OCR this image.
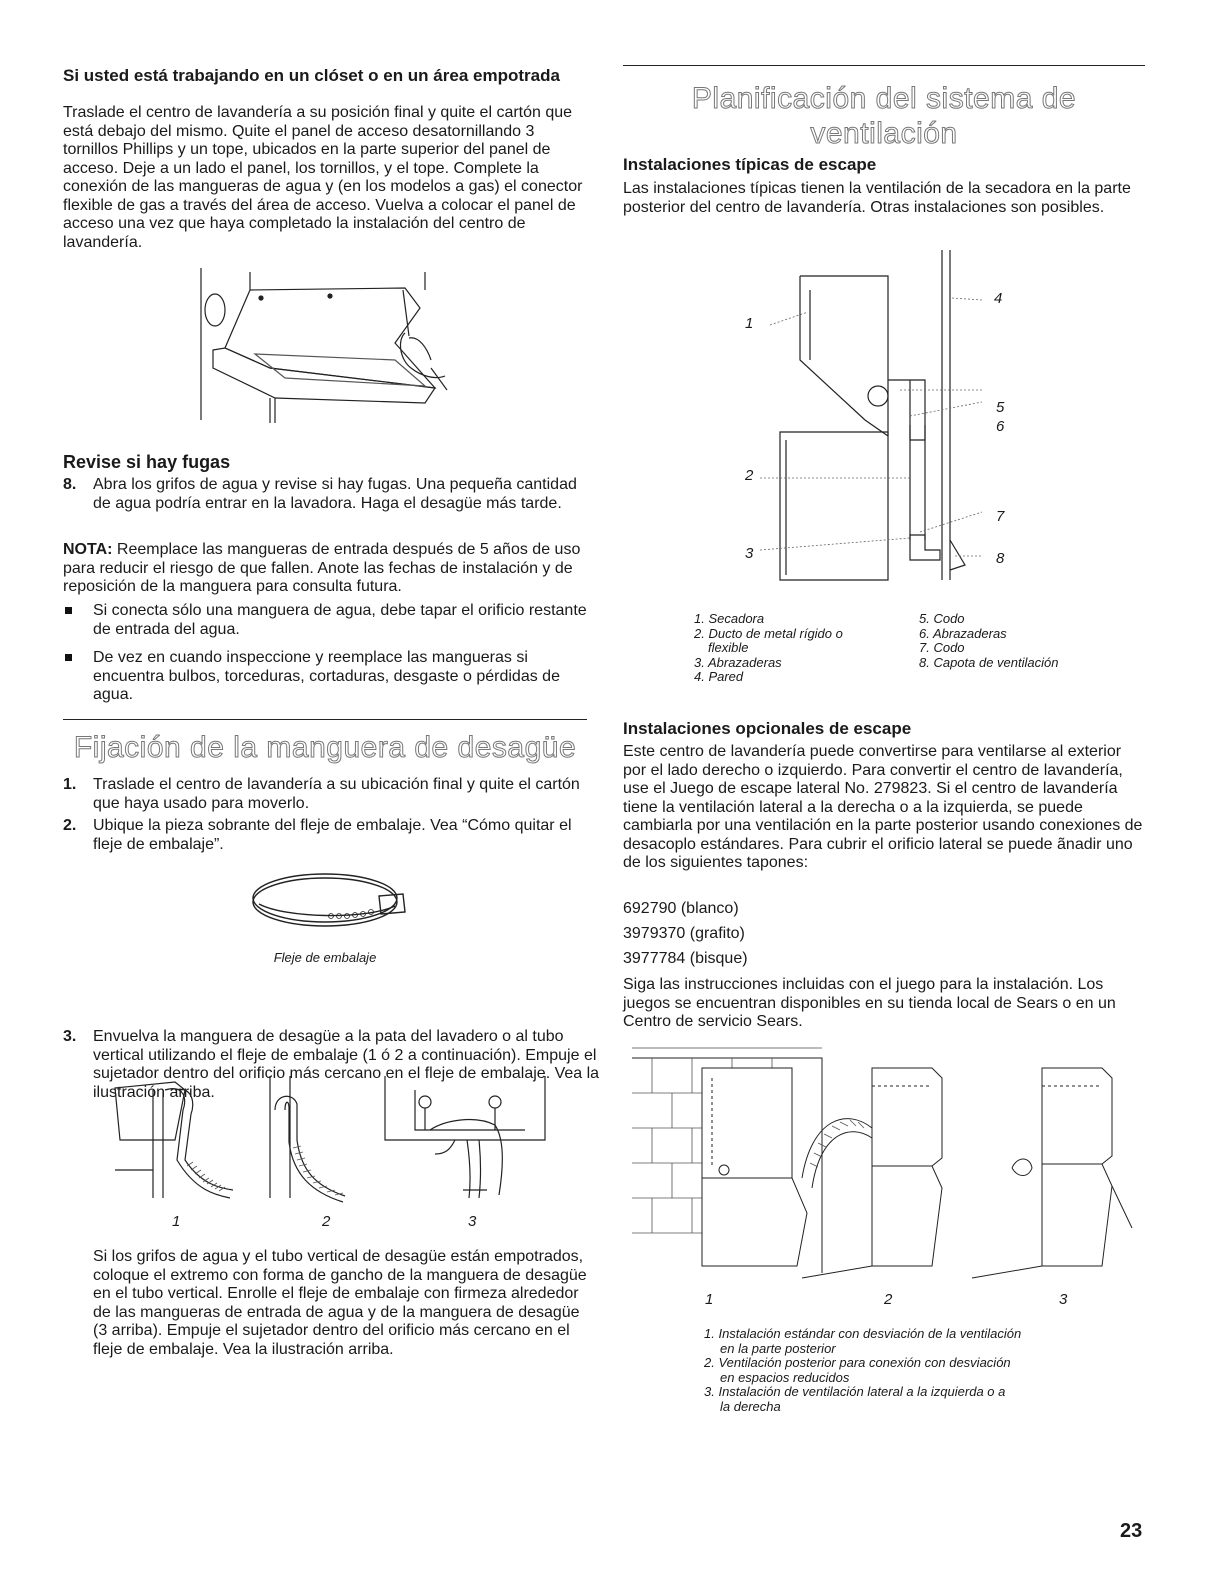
Si usted está trabajando en un clóset o en un área empotrada

Traslade el centro de lavandería a su posición final y quite el cartón que está debajo del mismo. Quite el panel de acceso desatornillando 3 tornillos Phillips y un tope, ubicados en la parte superior del panel de acceso. Deje a un lado el panel, los tornillos, y el tope. Complete la conexión de las mangueras de agua y (en los modelos a gas) el conector flexible de gas a través del área de acceso. Vuelva a colocar el panel de acceso una vez que haya completado la instalación del centro de lavandería.

Revise si hay fugas
8. Abra los grifos de agua y revise si hay fugas. Una pequeña cantidad de agua podría entrar en la lavadora. Haga el desagüe más tarde.

NOTA: Reemplace las mangueras de entrada después de 5 años de uso para reducir el riesgo de que fallen. Anote las fechas de instalación y de reposición de la manguera para consulta futura.

Si conecta sólo una manguera de agua, debe tapar el orificio restante de entrada del agua.
De vez en cuando inspeccione y reemplace las mangueras si encuentra bulbos, torceduras, cortaduras, desgaste o pérdidas de agua.
Fijación de la manguera de desagüe
1. Traslade el centro de lavandería a su ubicación final y quite el cartón que haya usado para moverlo.
2. Ubique la pieza sobrante del fleje de embalaje. Vea “Cómo quitar el fleje de embalaje”.
Fleje de embalaje
3. Envuelva la manguera de desagüe a la pata del lavadero o al tubo vertical utilizando el fleje de embalaje (1 ó 2 a continuación). Empuje el sujetador dentro del orificio más cercano en el fleje de embalaje. Vea la ilustración arriba.
1	2	3

Si los grifos de agua y el tubo vertical de desagüe están empotrados, coloque el extremo con forma de gancho de la manguera de desagüe en el tubo vertical. Enrolle el fleje de embalaje con firmeza alrededor de las mangueras de entrada de agua y de la manguera de desagüe (3 arriba). Empuje el sujetador dentro del orificio más cercano en el fleje de embalaje. Vea la ilustración arriba.

Planificación del sistema de
ventilación
Instalaciones típicas de escape

Las instalaciones típicas tienen la ventilación de la secadora en la parte posterior del centro de lavandería. Otras instalaciones son posibles.

1
2
3
4
5
6
7
8
1. Secadora
2. Ducto de metal rígido o
flexible
3. Abrazaderas
4. Pared
5. Codo
6. Abrazaderas
7. Codo
8. Capota de ventilación
Instalaciones opcionales de escape

Este centro de lavandería puede convertirse para ventilarse al exterior por el lado derecho o izquierdo. Para convertir el centro de lavandería, use el Juego de escape lateral No. 279823. Si el centro de lavandería tiene la ventilación lateral a la derecha o a la izquierda, se puede cambiarla por una ventilación en la parte posterior usando conexiones de desacoplo estándares. Para cubrir el orificio lateral se puede ãnadir uno de los siguientes tapones:

692790 (blanco)
3979370 (grafito)
3977784 (bisque)

Siga las instrucciones incluidas con el juego para la instalación. Los juegos se encuentran disponibles en su tienda local de Sears o en un Centro de servicio Sears.

1	2	3
1. Instalación estándar con desviación de la ventilación
en la parte posterior
2. Ventilación posterior para conexión con desviación
en espacios reducidos
3. Instalación de ventilación lateral a la izquierda o a
la derecha
23
